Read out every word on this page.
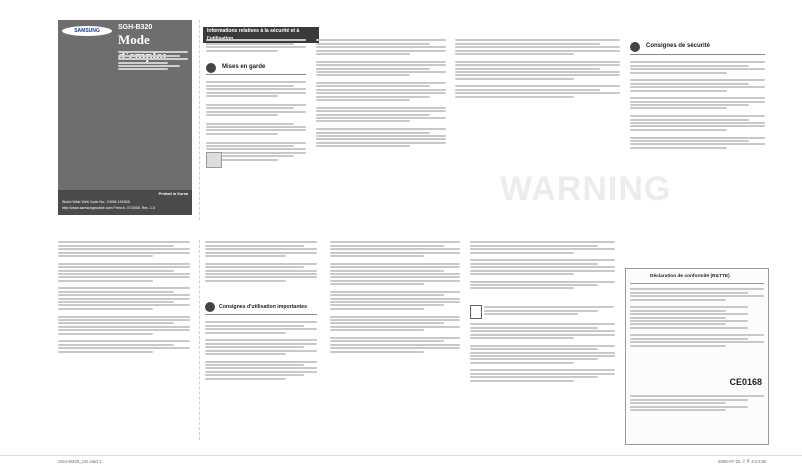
SAMSUNG	SGH-B320
Mode
Printed in Korea
World Wide Web Code No.: GH68-19180A
http://www.samsungmobile.com French. 07/2008. Rev. 1.0
Informations relatives à la sécurité et à
Mises en garde
WARNING
Consignes de sécurité
Consignes d'utilisation importantes
Déclaration de conformité (R&TTE)
CE0168
SGH-B320_UG.indd 1	2008-07-22 오후 4:24:35
